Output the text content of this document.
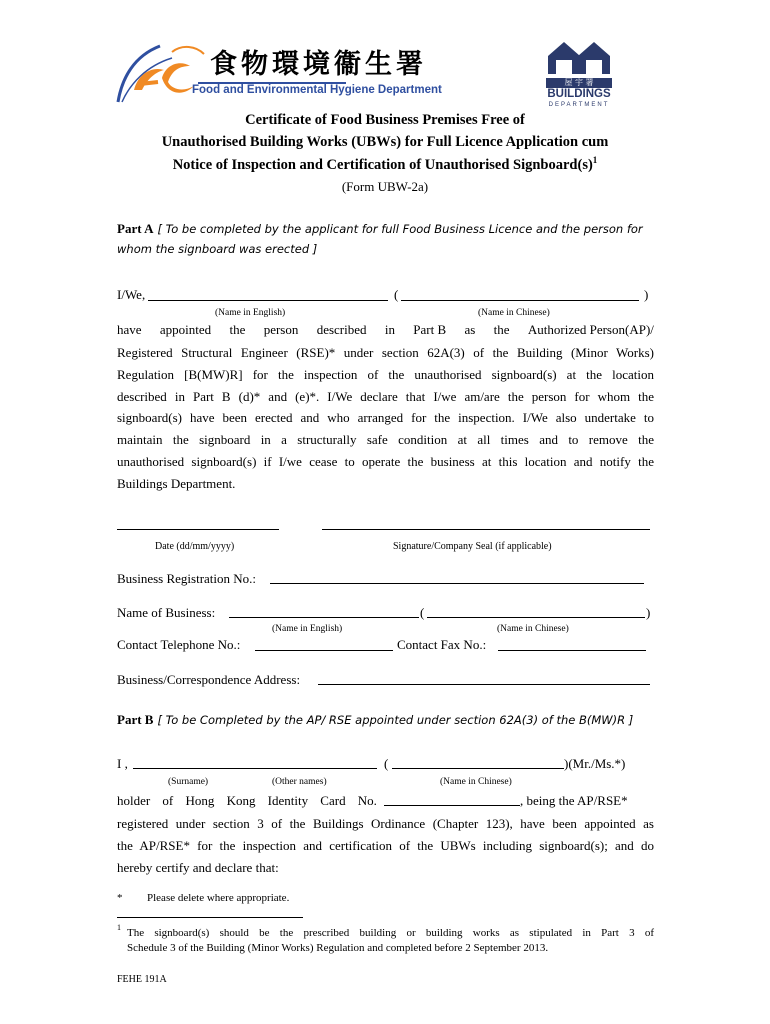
食物環境衞生署
Food and Environmental Hygiene Department
屋 宇 署
BUILDINGS
DEPARTMENT
Certificate of Food Business Premises Free of
Unauthorised Building Works (UBWs) for Full Licence Application cum
Notice of Inspection and Certification of Unauthorised $Signboard(s)^1$
(Form UBW-2a)
Part A [ To be completed by the applicant for full Food Business Licence and the person for
whom the signboard was erected ]
I/We,	(	)
(Name in English)	(Name in Chinese)
have appointed the person described in Part B as the Authorized Person(AP)/
Registered Structural Engineer (RSE)* under section 62A(3) of the Building (Minor Works)
Regulation [B(MW)R] for the inspection of the unauthorised signboard(s) at the location
described in Part B (d)* and (e)*. I/We declare that I/we am/are the person for whom the
signboard(s) have been erected and who arranged for the inspection. I/We also undertake to
maintain the signboard in a structurally safe condition at all times and to remove the
unauthorised signboard(s) if I/we cease to operate the business at this location and notify the
Buildings Department.
Date (dd/mm/yyyy)	Signature/Company Seal (if applicable)
Business Registration No.:
Name of Business:	(	)
(Name in English)	(Name in Chinese)
Contact Telephone No.:	Contact Fax No.:
Business/Correspondence Address:
Part B [ To be Completed by the AP/ RSE appointed under section 62A(3) of the B(MW)R ]
I ,	(	)(Mr./Ms.*)
(Surname)	(Other names)	(Name in Chinese)
holder of Hong Kong Identity Card No.	, being the AP/RSE*
registered under section 3 of the Buildings Ordinance (Chapter 123), have been appointed as
the AP/RSE* for the inspection and certification of the UBWs including signboard(s); and do
hereby certify and declare that:
* Please delete where appropriate.
1 The signboard(s) should be the prescribed building or building works as stipulated in Part 3 of
Schedule 3 of the Building (Minor Works) Regulation and completed before 2 September 2013.
FEHE 191A
